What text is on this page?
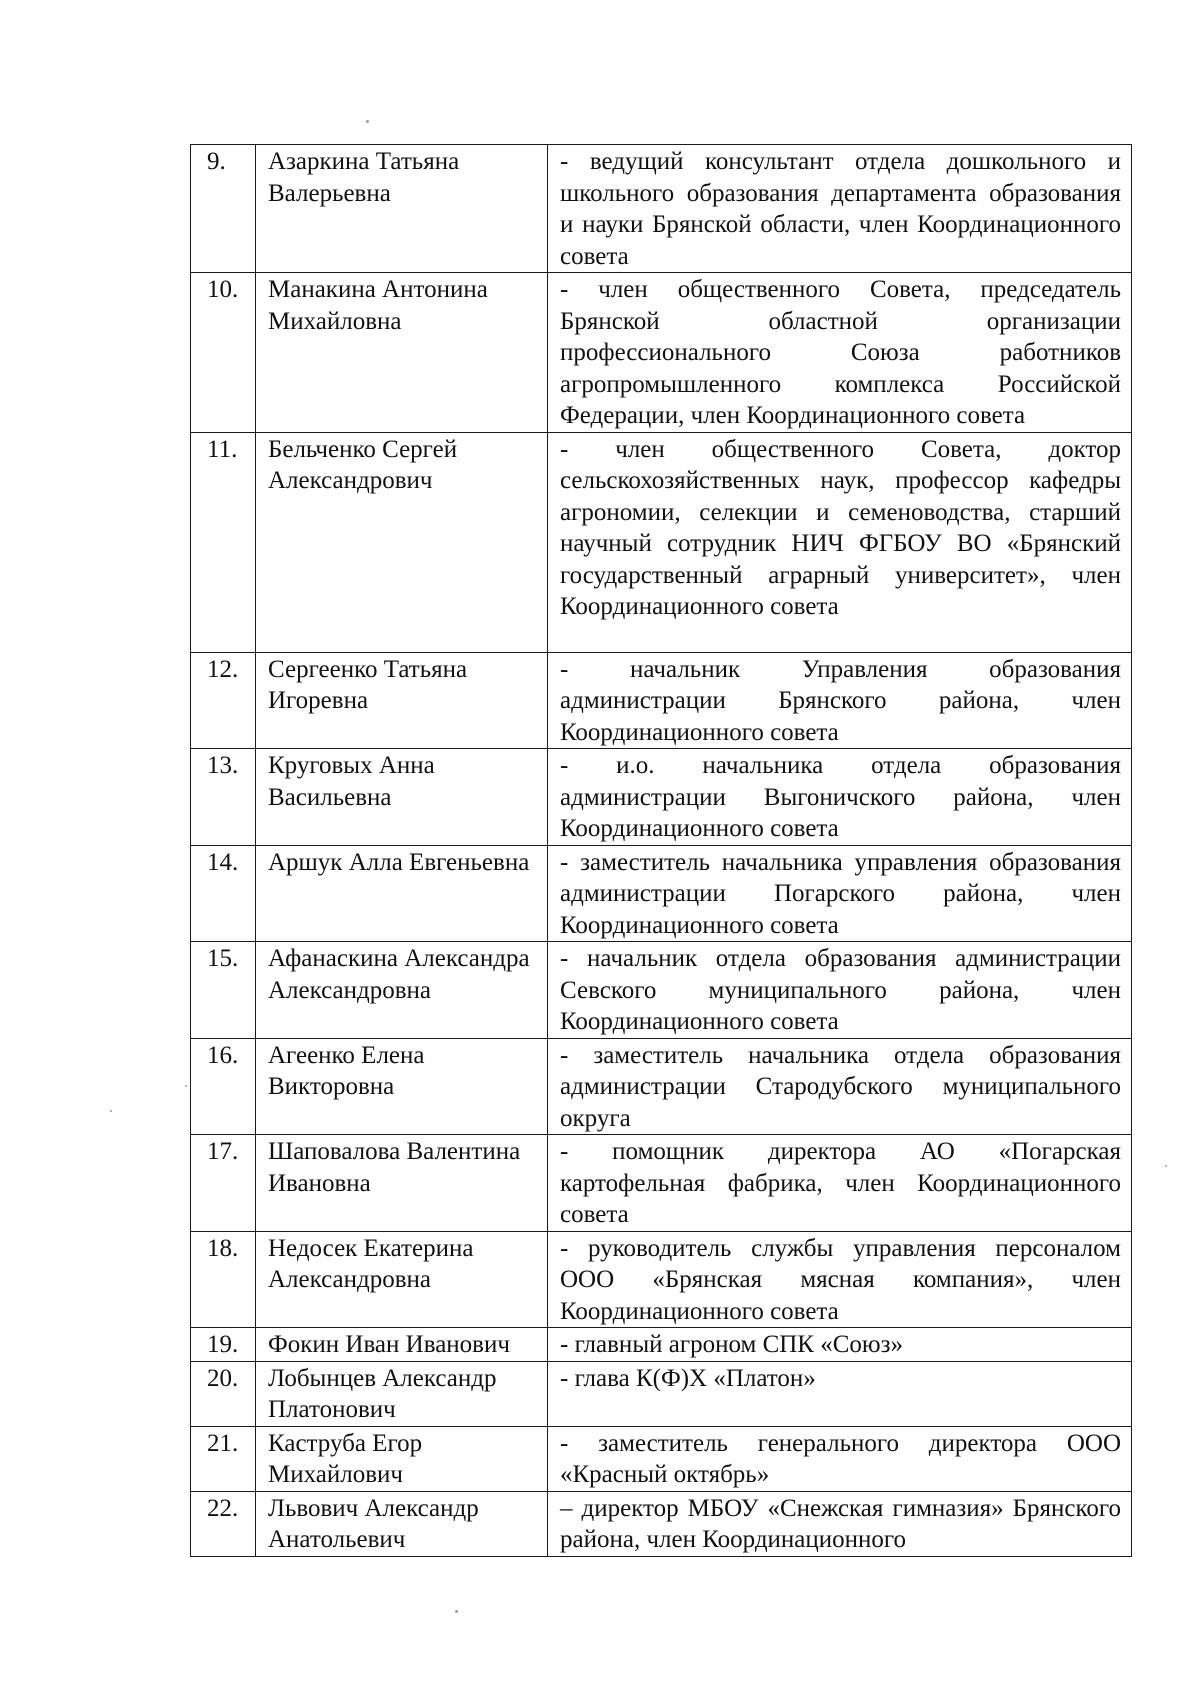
9.	Азаркина Татьяна Валерьевна	- ведущий консультант отдела дошкольного и школьного образования департамента образования и науки Брянской области, член Координационного совета
10.	Манакина Антонина Михайловна	- член общественного Совета, председатель Брянской областной организации профессионального Союза работников агропромышленного комплекса Российской Федерации, член Координационного совета
11.	Бельченко Сергей Александрович	- член общественного Совета, доктор сельскохозяйственных наук, профессор кафедры агрономии, селекции и семеноводства, старший научный сотрудник НИЧ ФГБОУ ВО «Брянский государственный аграрный университет», член Координационного совета
12.	Сергеенко Татьяна Игоревна	- начальник Управления образования администрации Брянского района, член Координационного совета
13.	Круговых Анна Васильевна	- и.о. начальника отдела образования администрации Выгоничского района, член Координационного совета
14.	Аршук Алла Евгеньевна	- заместитель начальника управления образования администрации Погарского района, член Координационного совета
15.	Афанаскина Александра Александровна	- начальник отдела образования администрации Севского муниципального района, член Координационного совета
16.	Агеенко Елена Викторовна	- заместитель начальника отдела образования администрации Стародубского муниципального округа
17.	Шаповалова Валентина Ивановна	- помощник директора АО «Погарская картофельная фабрика, член Координационного совета
18.	Недосек Екатерина Александровна	- руководитель службы управления персоналом ООО «Брянская мясная компания», член Координационного совета
19.	Фокин Иван Иванович	- главный агроном СПК «Союз»
20.	Лобынцев Александр Платонович	- глава К(Ф)Х «Платон»
21.	Каструба Егор Михайлович	- заместитель генерального директора ООО «Красный октябрь»
22.	Львович Александр Анатольевич	– директор МБОУ «Снежская гимназия» Брянского района, член Координационного
